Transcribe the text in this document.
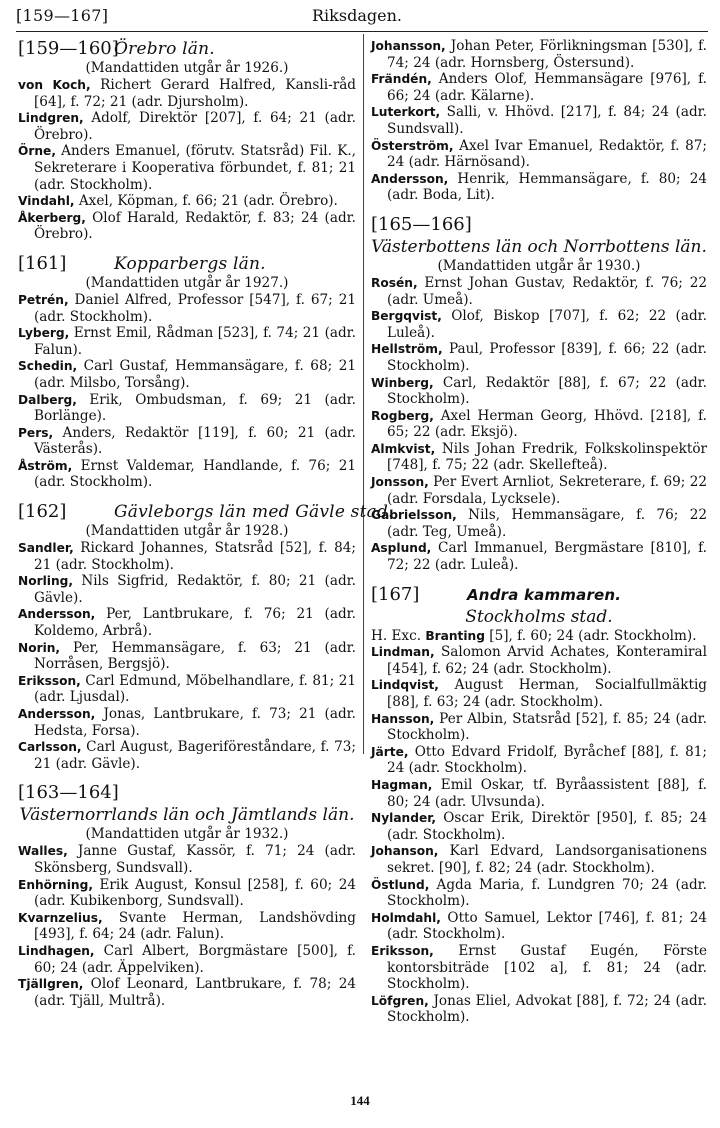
[159—167]	Riksdagen.
[159—160]Örebro län.
(Mandattiden utgår år 1926.)

von Koch, Richert Gerard Halfred, Kansli-råd [64], f. 72; 21 (adr. Djursholm).

Lindgren, Adolf, Direktör [207], f. 64; 21 (adr. Örebro).

Örne, Anders Emanuel, (förutv. Statsråd) Fil. K., Sekreterare i Kooperativa förbundet, f. 81; 21 (adr. Stockholm).

Vindahl, Axel, Köpman, f. 66; 21 (adr. Örebro).

Åkerberg, Olof Harald, Redaktör, f. 83; 24 (adr. Örebro).

[161]	Kopparbergs län.
(Mandattiden utgår år 1927.)

Petrén, Daniel Alfred, Professor [547], f. 67; 21 (adr. Stockholm).

Lyberg, Ernst Emil, Rådman [523], f. 74; 21 (adr. Falun).

Schedin, Carl Gustaf, Hemmansägare, f. 68; 21 (adr. Milsbo, Torsång).

Dalberg, Erik, Ombudsman, f. 69; 21 (adr. Borlänge).

Pers, Anders, Redaktör [119], f. 60; 21 (adr. Västerås).

Åström, Ernst Valdemar, Handlande, f. 76; 21 (adr. Stockholm).

[162]	Gävleborgs län med Gävle stad.
(Mandattiden utgår år 1928.)

Sandler, Rickard Johannes, Statsråd [52], f. 84; 21 (adr. Stockholm).

Norling, Nils Sigfrid, Redaktör, f. 80; 21 (adr. Gävle).

Andersson, Per, Lantbrukare, f. 76; 21 (adr. Koldemo, Arbrå).

Norin, Per, Hemmansägare, f. 63; 21 (adr. Norråsen, Bergsjö).

Eriksson, Carl Edmund, Möbelhandlare, f. 81; 21 (adr. Ljusdal).

Andersson, Jonas, Lantbrukare, f. 73; 21 (adr. Hedsta, Forsa).

Carlsson, Carl August, Bageriföreståndare, f. 73; 21 (adr. Gävle).

[163—164]
Västernorrlands län och Jämtlands län.
(Mandattiden utgår år 1932.)

Walles, Janne Gustaf, Kassör, f. 71; 24 (adr. Skönsberg, Sundsvall).

Enhörning, Erik August, Konsul [258], f. 60; 24 (adr. Kubikenborg, Sundsvall).

Kvarnzelius, Svante Herman, Landshövding [493], f. 64; 24 (adr. Falun).

Lindhagen, Carl Albert, Borgmästare [500], f. 60; 24 (adr. Äppelviken).

Tjällgren, Olof Leonard, Lantbrukare, f. 78; 24 (adr. Tjäll, Multrå).

Johansson, Johan Peter, Förlikningsman [530], f. 74; 24 (adr. Hornsberg, Östersund).

Frändén, Anders Olof, Hemmansägare [976], f. 66; 24 (adr. Kälarne).

Luterkort, Salli, v. Hhövd. [217], f. 84; 24 (adr. Sundsvall).

Österström, Axel Ivar Emanuel, Redaktör, f. 87; 24 (adr. Härnösand).

Andersson, Henrik, Hemmansägare, f. 80; 24 (adr. Boda, Lit).

[165—166]
Västerbottens län och Norrbottens län.
(Mandattiden utgår år 1930.)

Rosén, Ernst Johan Gustav, Redaktör, f. 76; 22 (adr. Umeå).

Bergqvist, Olof, Biskop [707], f. 62; 22 (adr. Luleå).

Hellström, Paul, Professor [839], f. 66; 22 (adr. Stockholm).

Winberg, Carl, Redaktör [88], f. 67; 22 (adr. Stockholm).

Rogberg, Axel Herman Georg, Hhövd. [218], f. 65; 22 (adr. Eksjö).

Almkvist, Nils Johan Fredrik, Folkskolinspektör [748], f. 75; 22 (adr. Skellefteå).

Jonsson, Per Evert Arnliot, Sekreterare, f. 69; 22 (adr. Forsdala, Lycksele).

Gabrielsson, Nils, Hemmansägare, f. 76; 22 (adr. Teg, Umeå).

Asplund, Carl Immanuel, Bergmästare [810], f. 72; 22 (adr. Luleå).

[167]	Andra kammaren.
Stockholms stad.

H. Exc. Branting [5], f. 60; 24 (adr. Stockholm).

Lindman, Salomon Arvid Achates, Konteramiral [454], f. 62; 24 (adr. Stockholm).

Lindqvist, August Herman, Socialfullmäktig [88], f. 63; 24 (adr. Stockholm).

Hansson, Per Albin, Statsråd [52], f. 85; 24 (adr. Stockholm).

Järte, Otto Edvard Fridolf, Byråchef [88], f. 81; 24 (adr. Stockholm).

Hagman, Emil Oskar, tf. Byråassistent [88], f. 80; 24 (adr. Ulvsunda).

Nylander, Oscar Erik, Direktör [950], f. 85; 24 (adr. Stockholm).

Johanson, Karl Edvard, Landsorganisationens sekret. [90], f. 82; 24 (adr. Stockholm).

Östlund, Agda Maria, f. Lundgren 70; 24 (adr. Stockholm).

Holmdahl, Otto Samuel, Lektor [746], f. 81; 24 (adr. Stockholm).

Eriksson, Ernst Gustaf Eugén, Förste kontorsbiträde [102 a], f. 81; 24 (adr. Stockholm).

Löfgren, Jonas Eliel, Advokat [88], f. 72; 24 (adr. Stockholm).

144
